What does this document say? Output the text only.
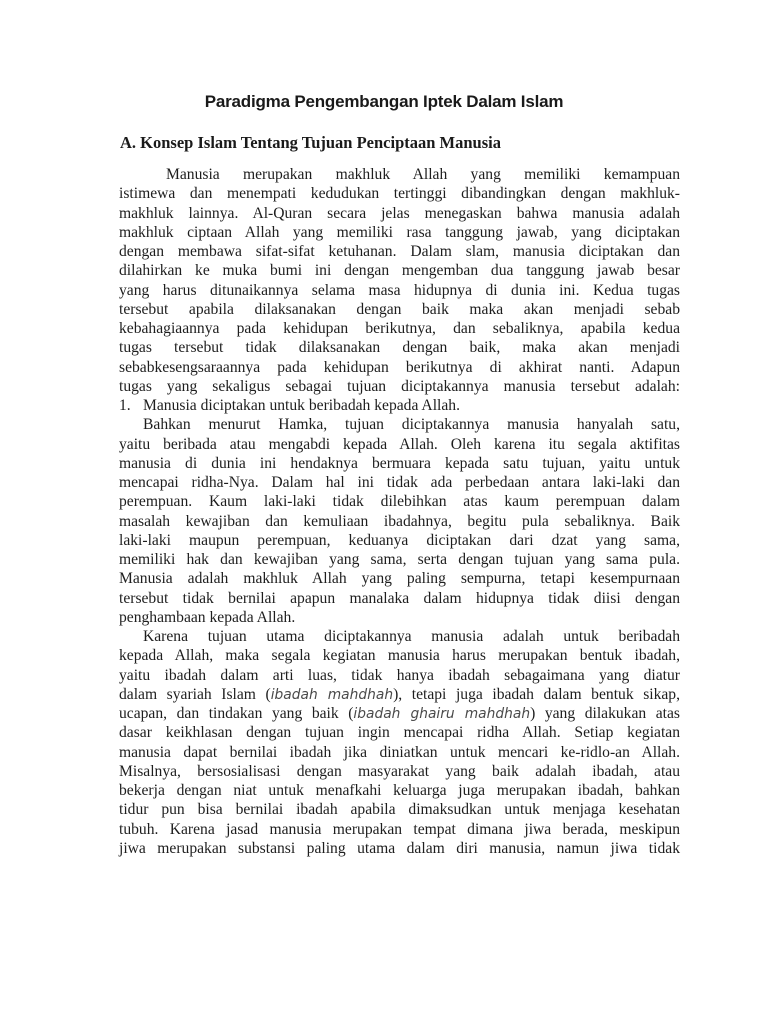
Paradigma Pengembangan Iptek Dalam Islam
A. Konsep Islam Tentang Tujuan Penciptaan Manusia
Manusia merupakan makhluk Allah yang memiliki kemampuan
istimewa dan menempati kedudukan tertinggi dibandingkan dengan makhluk-
makhluk lainnya. Al-Quran secara jelas menegaskan bahwa manusia adalah
makhluk ciptaan Allah yang memiliki rasa tanggung jawab, yang diciptakan
dengan membawa sifat-sifat ketuhanan. Dalam slam, manusia diciptakan dan
dilahirkan ke muka bumi ini dengan mengemban dua tanggung jawab besar
yang harus ditunaikannya selama masa hidupnya di dunia ini. Kedua tugas
tersebut apabila dilaksanakan dengan baik maka akan menjadi sebab
kebahagiaannya pada kehidupan berikutnya, dan sebaliknya, apabila kedua
tugas tersebut tidak dilaksanakan dengan baik, maka akan menjadi
sebabkesengsaraannya pada kehidupan berikutnya di akhirat nanti. Adapun
tugas yang sekaligus sebagai tujuan diciptakannya manusia tersebut adalah:
1. Manusia diciptakan untuk beribadah kepada Allah.
Bahkan menurut Hamka, tujuan diciptakannya manusia hanyalah satu,
yaitu beribada atau mengabdi kepada Allah. Oleh karena itu segala aktifitas
manusia di dunia ini hendaknya bermuara kepada satu tujuan, yaitu untuk
mencapai ridha-Nya. Dalam hal ini tidak ada perbedaan antara laki-laki dan
perempuan. Kaum laki-laki tidak dilebihkan atas kaum perempuan dalam
masalah kewajiban dan kemuliaan ibadahnya, begitu pula sebaliknya. Baik
laki-laki maupun perempuan, keduanya diciptakan dari dzat yang sama,
memiliki hak dan kewajiban yang sama, serta dengan tujuan yang sama pula.
Manusia adalah makhluk Allah yang paling sempurna, tetapi kesempurnaan
tersebut tidak bernilai apapun manalaka dalam hidupnya tidak diisi dengan
penghambaan kepada Allah.
Karena tujuan utama diciptakannya manusia adalah untuk beribadah
kepada Allah, maka segala kegiatan manusia harus merupakan bentuk ibadah,
yaitu ibadah dalam arti luas, tidak hanya ibadah sebagaimana yang diatur
dalam syariah Islam (ibadah mahdhah), tetapi juga ibadah dalam bentuk sikap,
ucapan, dan tindakan yang baik (ibadah ghairu mahdhah) yang dilakukan atas
dasar keikhlasan dengan tujuan ingin mencapai ridha Allah. Setiap kegiatan
manusia dapat bernilai ibadah jika diniatkan untuk mencari ke-ridlo-an Allah.
Misalnya, bersosialisasi dengan masyarakat yang baik adalah ibadah, atau
bekerja dengan niat untuk menafkahi keluarga juga merupakan ibadah, bahkan
tidur pun bisa bernilai ibadah apabila dimaksudkan untuk menjaga kesehatan
tubuh. Karena jasad manusia merupakan tempat dimana jiwa berada, meskipun
jiwa merupakan substansi paling utama dalam diri manusia, namun jiwa tidak
